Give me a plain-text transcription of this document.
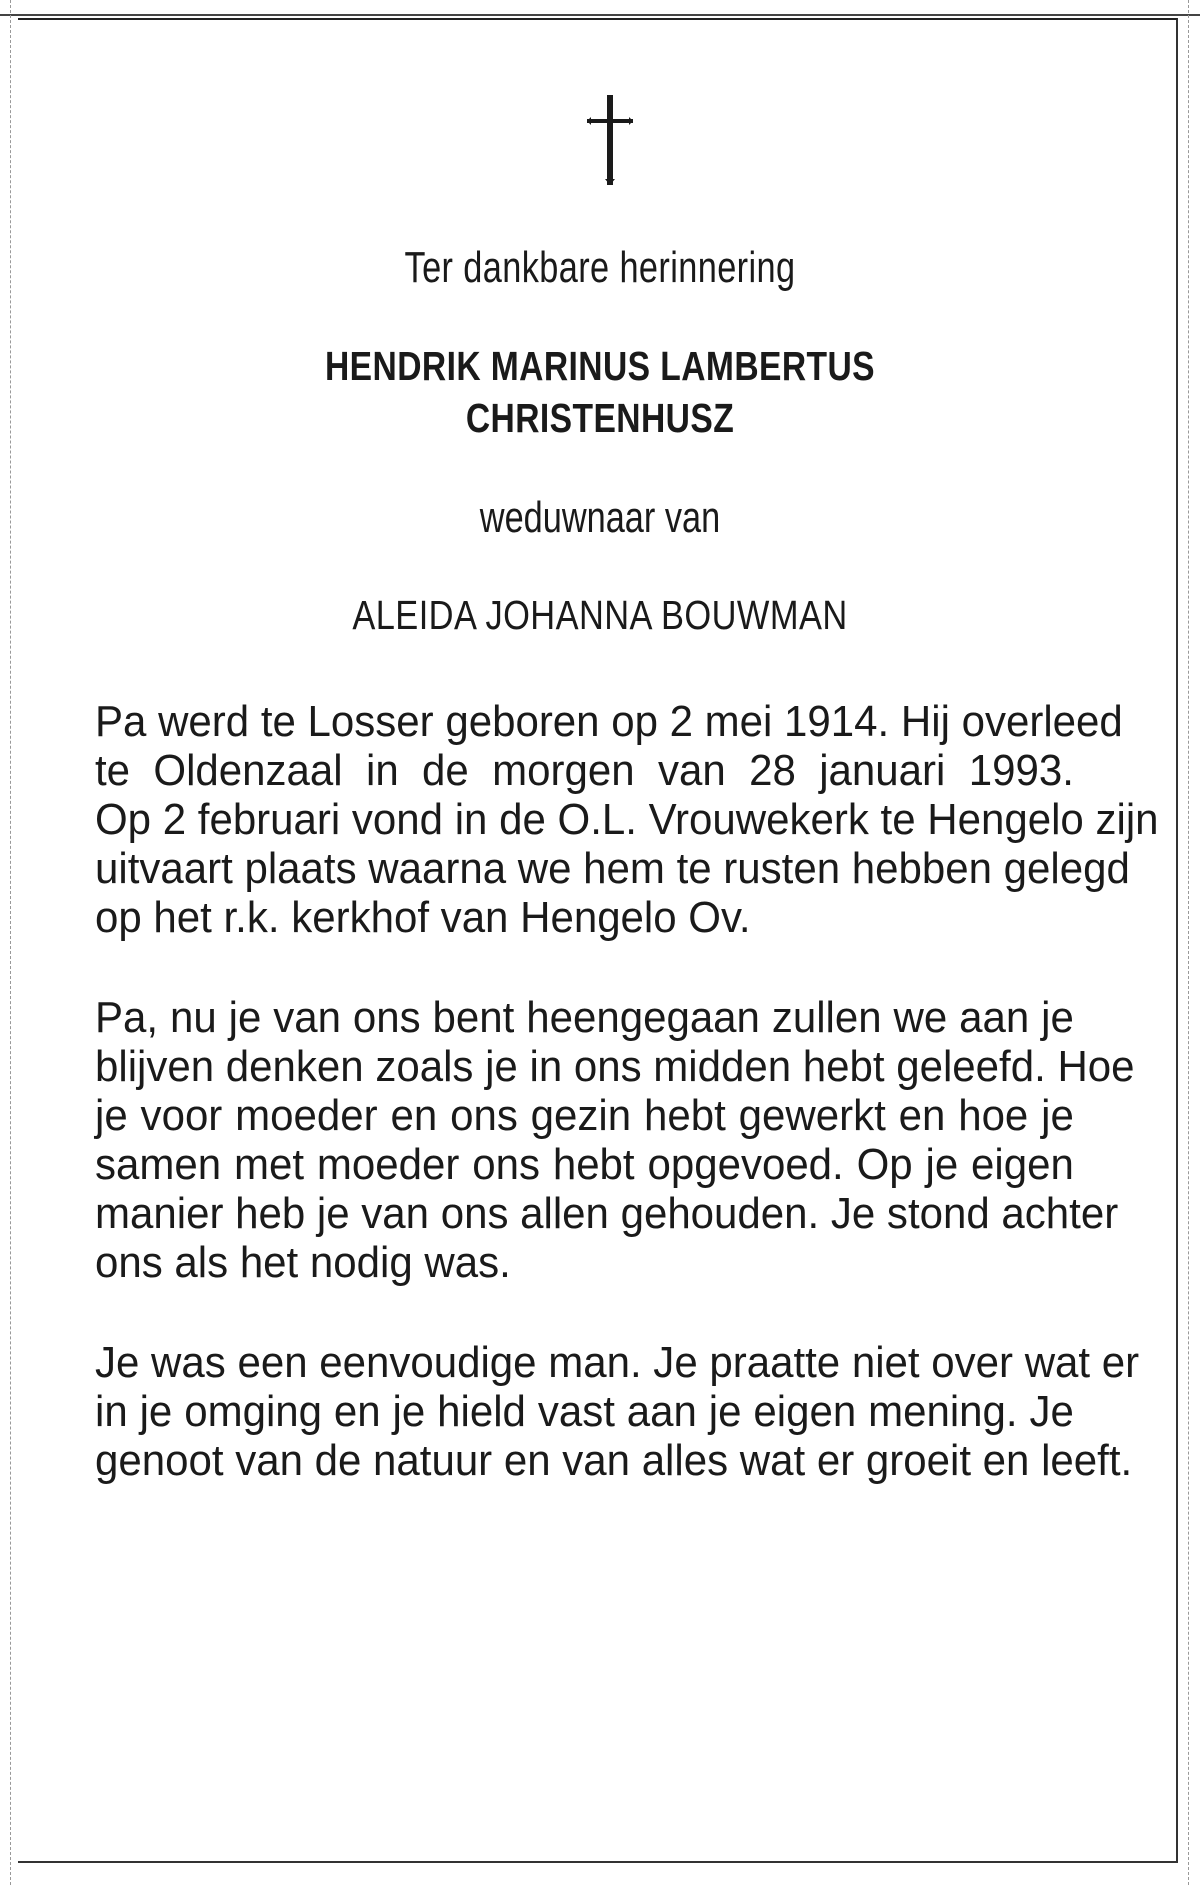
Ter dankbare herinnering
HENDRIK MARINUS LAMBERTUS
CHRISTENHUSZ
weduwnaar van
ALEIDA JOHANNA BOUWMAN
Pa werd te Losser geboren op 2 mei 1914. Hij overleed
te Oldenzaal in de morgen van 28 januari 1993.
Op 2 februari vond in de O.L. Vrouwekerk te Hengelo zijn
uitvaart plaats waarna we hem te rusten hebben gelegd
op het r.k. kerkhof van Hengelo Ov.
Pa, nu je van ons bent heengegaan zullen we aan je
blijven denken zoals je in ons midden hebt geleefd. Hoe
je voor moeder en ons gezin hebt gewerkt en hoe je
samen met moeder ons hebt opgevoed. Op je eigen
manier heb je van ons allen gehouden. Je stond achter
ons als het nodig was.
Je was een eenvoudige man. Je praatte niet over wat er
in je omging en je hield vast aan je eigen mening. Je
genoot van de natuur en van alles wat er groeit en leeft.
